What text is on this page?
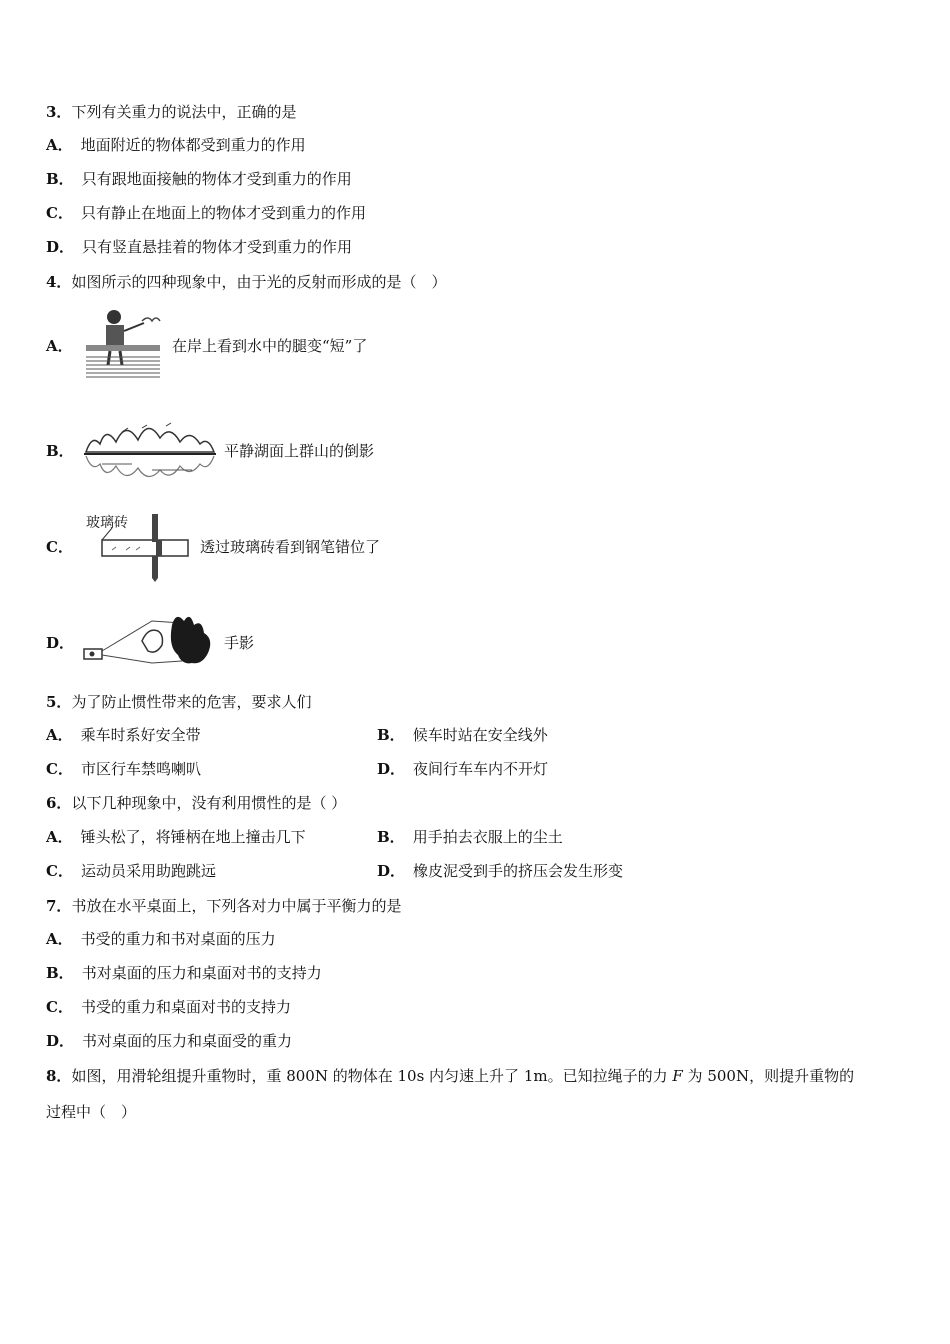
3．下列有关重力的说法中，正确的是
A． 地面附近的物体都受到重力的作用
B． 只有跟地面接触的物体才受到重力的作用
C． 只有静止在地面上的物体才受到重力的作用
D． 只有竖直悬挂着的物体才受到重力的作用
4．如图所示的四种现象中，由于光的反射而形成的是（　）
A．	在岸上看到水中的腿变“短”了
B．	平静湖面上群山的倒影
C．
玻璃砖
透过玻璃砖看到钢笔错位了
D．	手影
5．为了防止惯性带来的危害，要求人们
A． 乘车时系好安全带	B． 候车时站在安全线外
C． 市区行车禁鸣喇叭	D． 夜间行车车内不开灯
6．以下几种现象中，没有利用惯性的是（ ）
A． 锤头松了，将锤柄在地上撞击几下	B． 用手拍去衣服上的尘土
C． 运动员采用助跑跳远	D． 橡皮泥受到手的挤压会发生形变
7．书放在水平桌面上，下列各对力中属于平衡力的是
A． 书受的重力和书对桌面的压力
B． 书对桌面的压力和桌面对书的支持力
C． 书受的重力和桌面对书的支持力
D． 书对桌面的压力和桌面受的重力
8．如图，用滑轮组提升重物时，重 800N 的物体在 10s 内匀速上升了 1m。已知拉绳子的力 F 为 500N，则提升重物的
过程中（　）
